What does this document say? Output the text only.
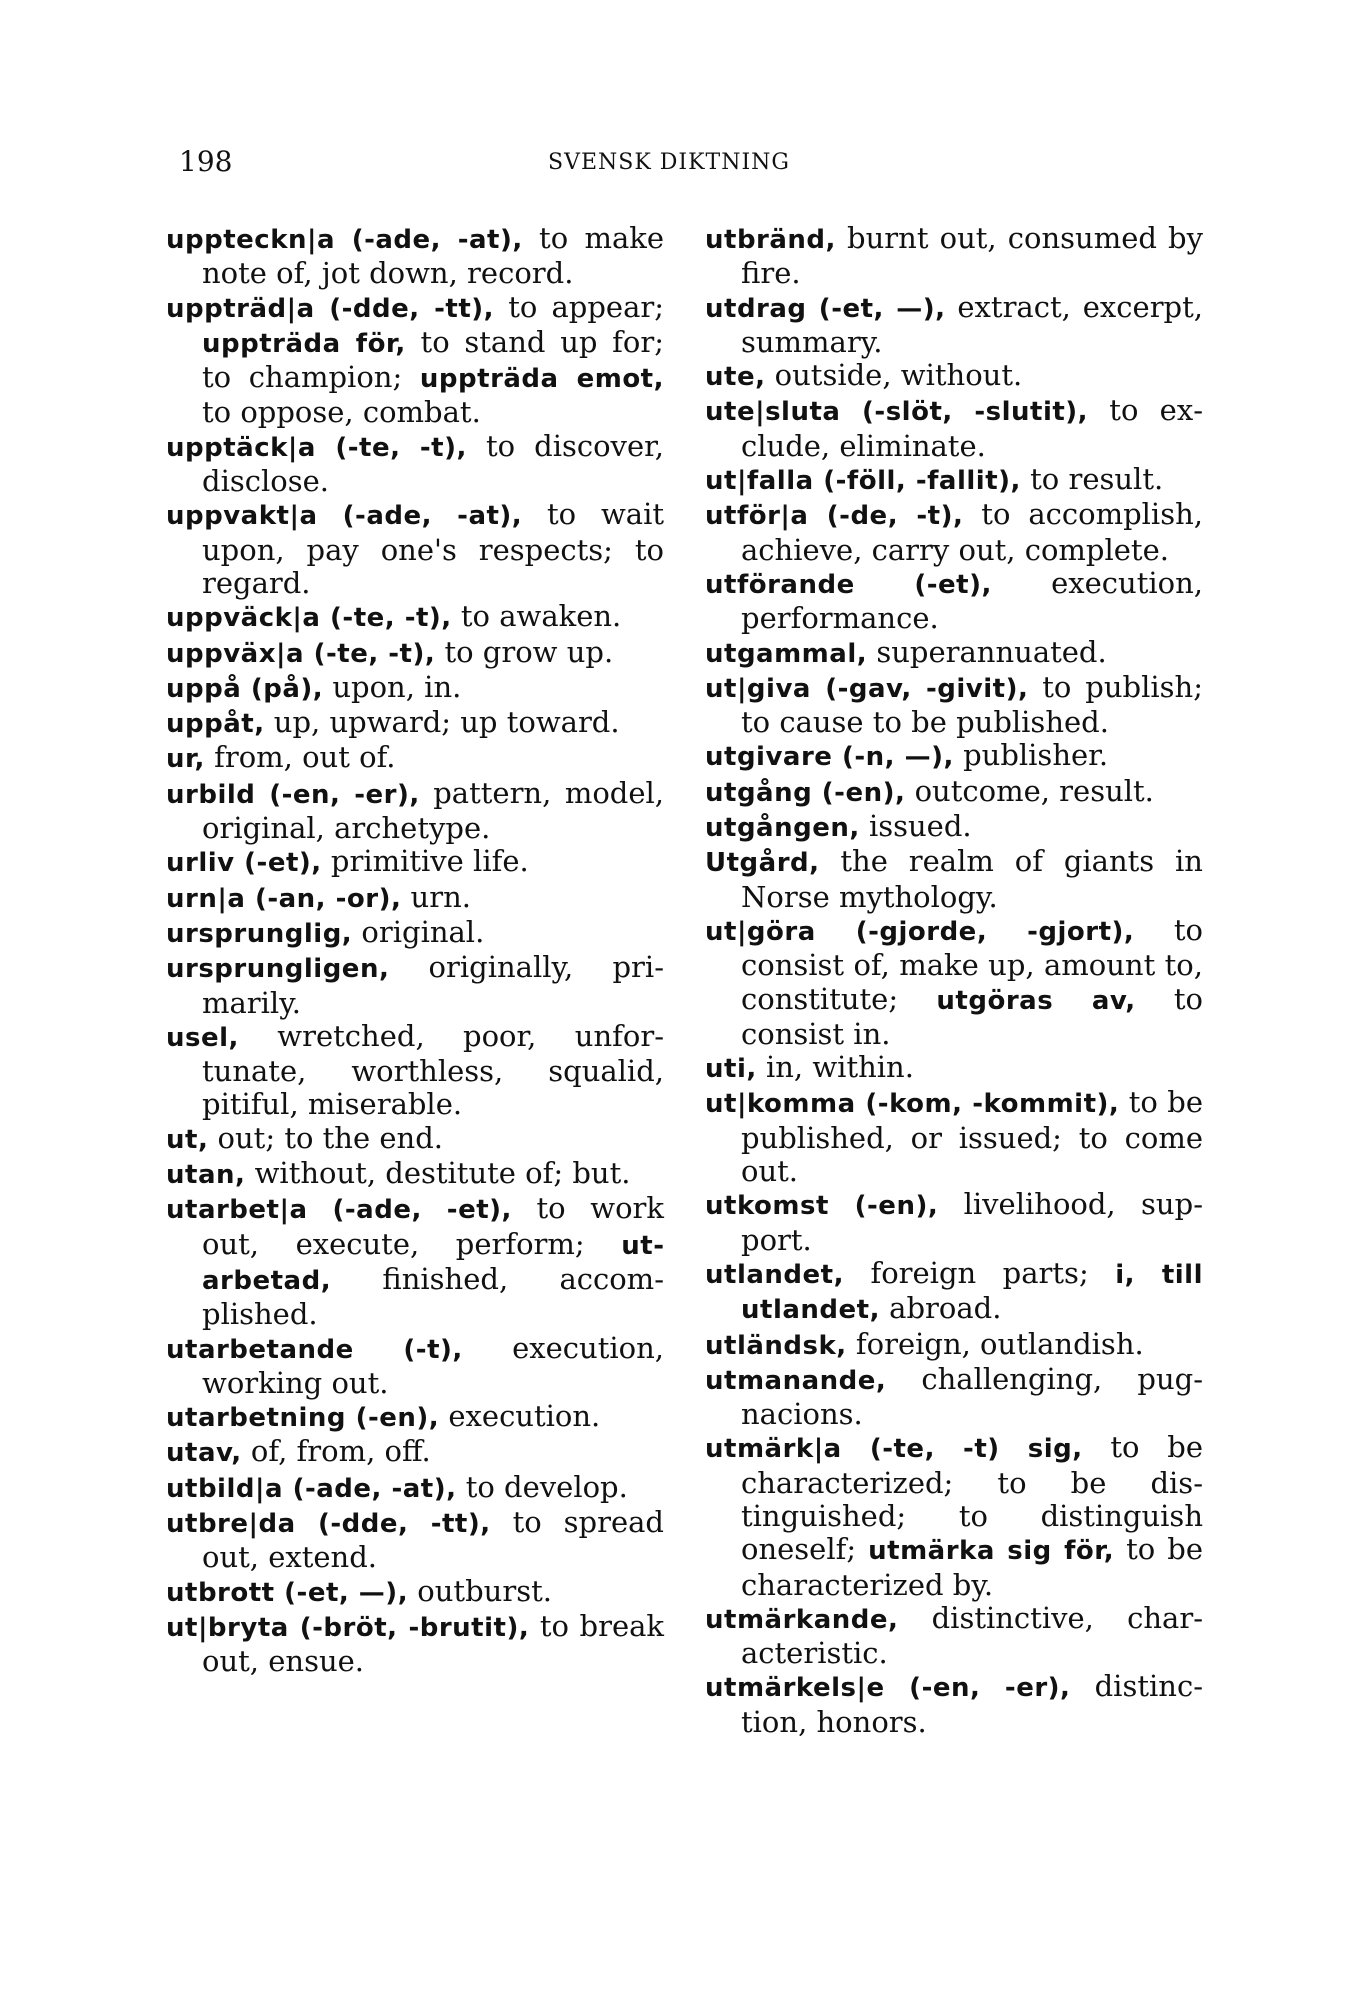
198	SVENSK DIKTNING
uppteckn|a (-ade, -at), to make note of, jot down, record.
uppträd|a (-dde, -tt), to appear; uppträda för, to stand up for; to champion; uppträda emot, to oppose, combat.
upptäck|a (-te, -t), to discover, disclose.
uppvakt|a (-ade, -at), to wait upon, pay one's respects; to regard.
uppväck|a (-te, -t), to awaken.
uppväx|a (-te, -t), to grow up.
uppå (på), upon, in.
uppåt, up, upward; up toward.
ur, from, out of.
urbild (-en, -er), pattern, model, original, archetype.
urliv (-et), primitive life.
urn|a (-an, -or), urn.
ursprunglig, original.
ursprungligen, originally, primarily.
usel, wretched, poor, unfortunate, worthless, squalid, pitiful, miserable.
ut, out; to the end.
utan, without, destitute of; but.
utarbet|a (-ade, -et), to work out, execute, perform; utarbetad, finished, accomplished.
utarbetande (-t), execution, working out.
utarbetning (-en), execution.
utav, of, from, off.
utbild|a (-ade, -at), to develop.
utbre|da (-dde, -tt), to spread out, extend.
utbrott (-et, —), outburst.
ut|bryta (-bröt, -brutit), to break out, ensue.
utbränd, burnt out, consumed by fire.
utdrag (-et, —), extract, excerpt, summary.
ute, outside, without.
ute|sluta (-slöt, -slutit), to exclude, eliminate.
ut|falla (-föll, -fallit), to result.
utför|a (-de, -t), to accomplish, achieve, carry out, complete.
utförande (-et), execution, performance.
utgammal, superannuated.
ut|giva (-gav, -givit), to publish; to cause to be published.
utgivare (-n, —), publisher.
utgång (-en), outcome, result.
utgången, issued.
Utgård, the realm of giants in Norse mythology.
ut|göra (-gjorde, -gjort), to consist of, make up, amount to, constitute; utgöras av, to consist in.
uti, in, within.
ut|komma (-kom, -kommit), to be published, or issued; to come out.
utkomst (-en), livelihood, support.
utlandet, foreign parts; i, till utlandet, abroad.
utländsk, foreign, outlandish.
utmanande, challenging, pugnacions.
utmärk|a (-te, -t) sig, to be characterized; to be distinguished; to distinguish oneself; utmärka sig för, to be characterized by.
utmärkande, distinctive, characteristic.
utmärkels|e (-en, -er), distinction, honors.
